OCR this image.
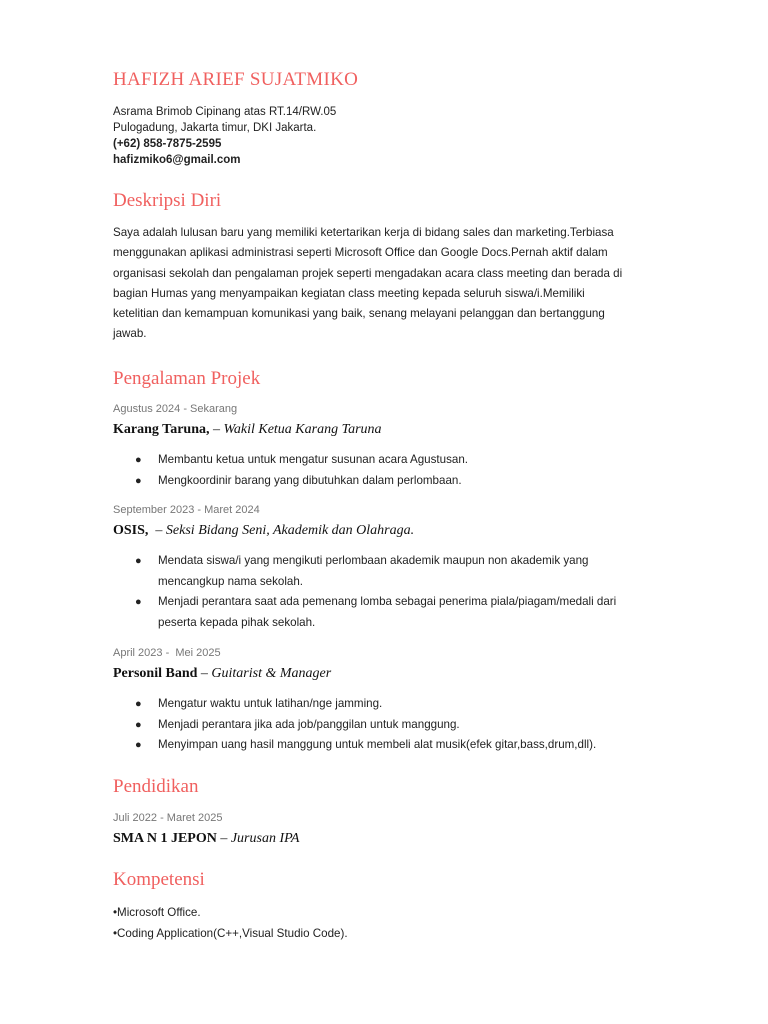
HAFIZH ARIEF SUJATMIKO
Asrama Brimob Cipinang atas RT.14/RW.05
Pulogadung, Jakarta timur, DKI Jakarta.
(+62) 858-7875-2595
hafizmiko6@gmail.com
Deskripsi Diri
Saya adalah lulusan baru yang memiliki ketertarikan kerja di bidang sales dan marketing.Terbiasa
menggunakan aplikasi administrasi seperti Microsoft Office dan Google Docs.Pernah aktif dalam
organisasi sekolah dan pengalaman projek seperti mengadakan acara class meeting dan berada di
bagian Humas yang menyampaikan kegiatan class meeting kepada seluruh siswa/i.Memiliki
ketelitian dan kemampuan komunikasi yang baik, senang melayani pelanggan dan bertanggung
jawab.
Pengalaman Projek
Agustus 2024 - Sekarang
Karang Taruna, – Wakil Ketua Karang Taruna
● Membantu ketua untuk mengatur susunan acara Agustusan.
● Mengkoordinir barang yang dibutuhkan dalam perlombaan.
September 2023 - Maret 2024
OSIS,  – Seksi Bidang Seni, Akademik dan Olahraga.
● Mendata siswa/i yang mengikuti perlombaan akademik maupun non akademik yang mencangkup nama sekolah.
● Menjadi perantara saat ada pemenang lomba sebagai penerima piala/piagam/medali dari peserta kepada pihak sekolah.
April 2023 -  Mei 2025
Personil Band – Guitarist & Manager
● Mengatur waktu untuk latihan/nge jamming.
● Menjadi perantara jika ada job/panggilan untuk manggung.
● Menyimpan uang hasil manggung untuk membeli alat musik(efek gitar,bass,drum,dll).
Pendidikan
Juli 2022 - Maret 2025
SMA N 1 JEPON – Jurusan IPA
Kompetensi
•Microsoft Office.
•Coding Application(C++,Visual Studio Code).
